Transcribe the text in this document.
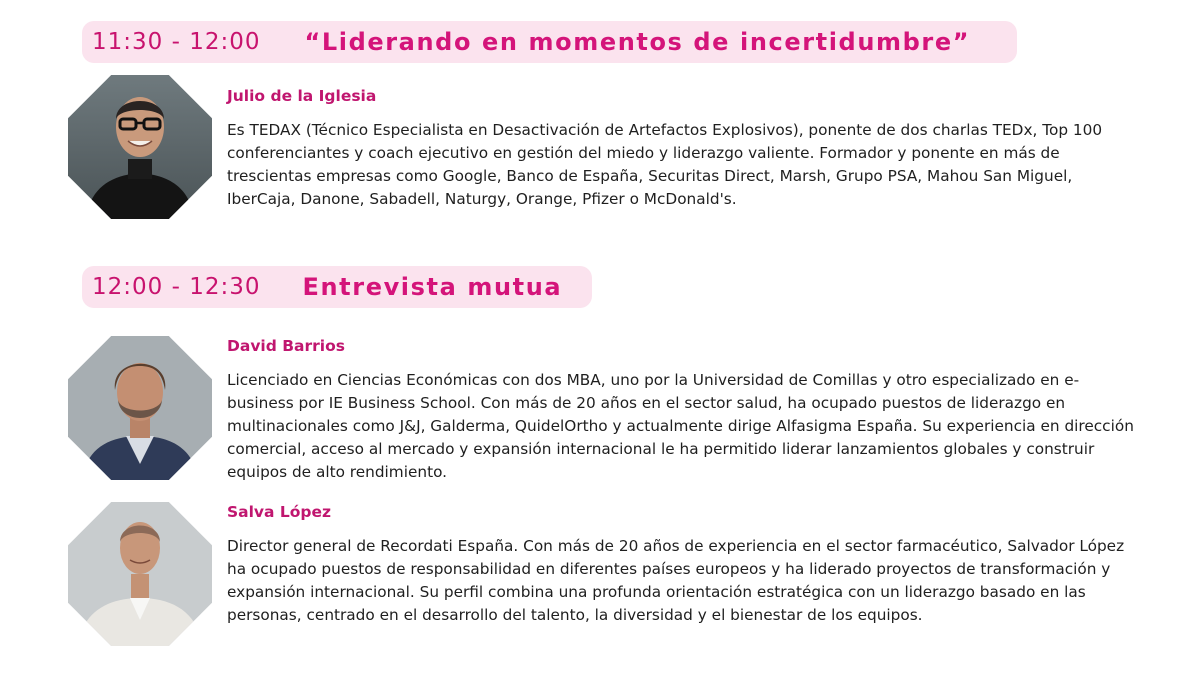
11:30 - 12:00 “Liderando en momentos de incertidumbre”
Julio de la Iglesia

Es TEDAX (Técnico Especialista en Desactivación de Artefactos Explosivos), ponente de dos charlas TEDx, Top 100 conferenciantes y coach ejecutivo en gestión del miedo y liderazgo valiente. Formador y ponente en más de trescientas empresas como Google, Banco de España, Securitas Direct, Marsh, Grupo PSA, Mahou San Miguel, IberCaja, Danone, Sabadell, Naturgy, Orange, Pfizer o McDonald's.

12:00 - 12:30 Entrevista mutua
David Barrios

Licenciado en Ciencias Económicas con dos MBA, uno por la Universidad de Comillas y otro especializado en e-business por IE Business School. Con más de 20 años en el sector salud, ha ocupado puestos de liderazgo en multinacionales como J&J, Galderma, QuidelOrtho y actualmente dirige Alfasigma España. Su experiencia en dirección comercial, acceso al mercado y expansión internacional le ha permitido liderar lanzamientos globales y construir equipos de alto rendimiento.

Salva López

Director general de Recordati España. Con más de 20 años de experiencia en el sector farmacéutico, Salvador López ha ocupado puestos de responsabilidad en diferentes países europeos y ha liderado proyectos de transformación y expansión internacional. Su perfil combina una profunda orientación estratégica con un liderazgo basado en las personas, centrado en el desarrollo del talento, la diversidad y el bienestar de los equipos.
